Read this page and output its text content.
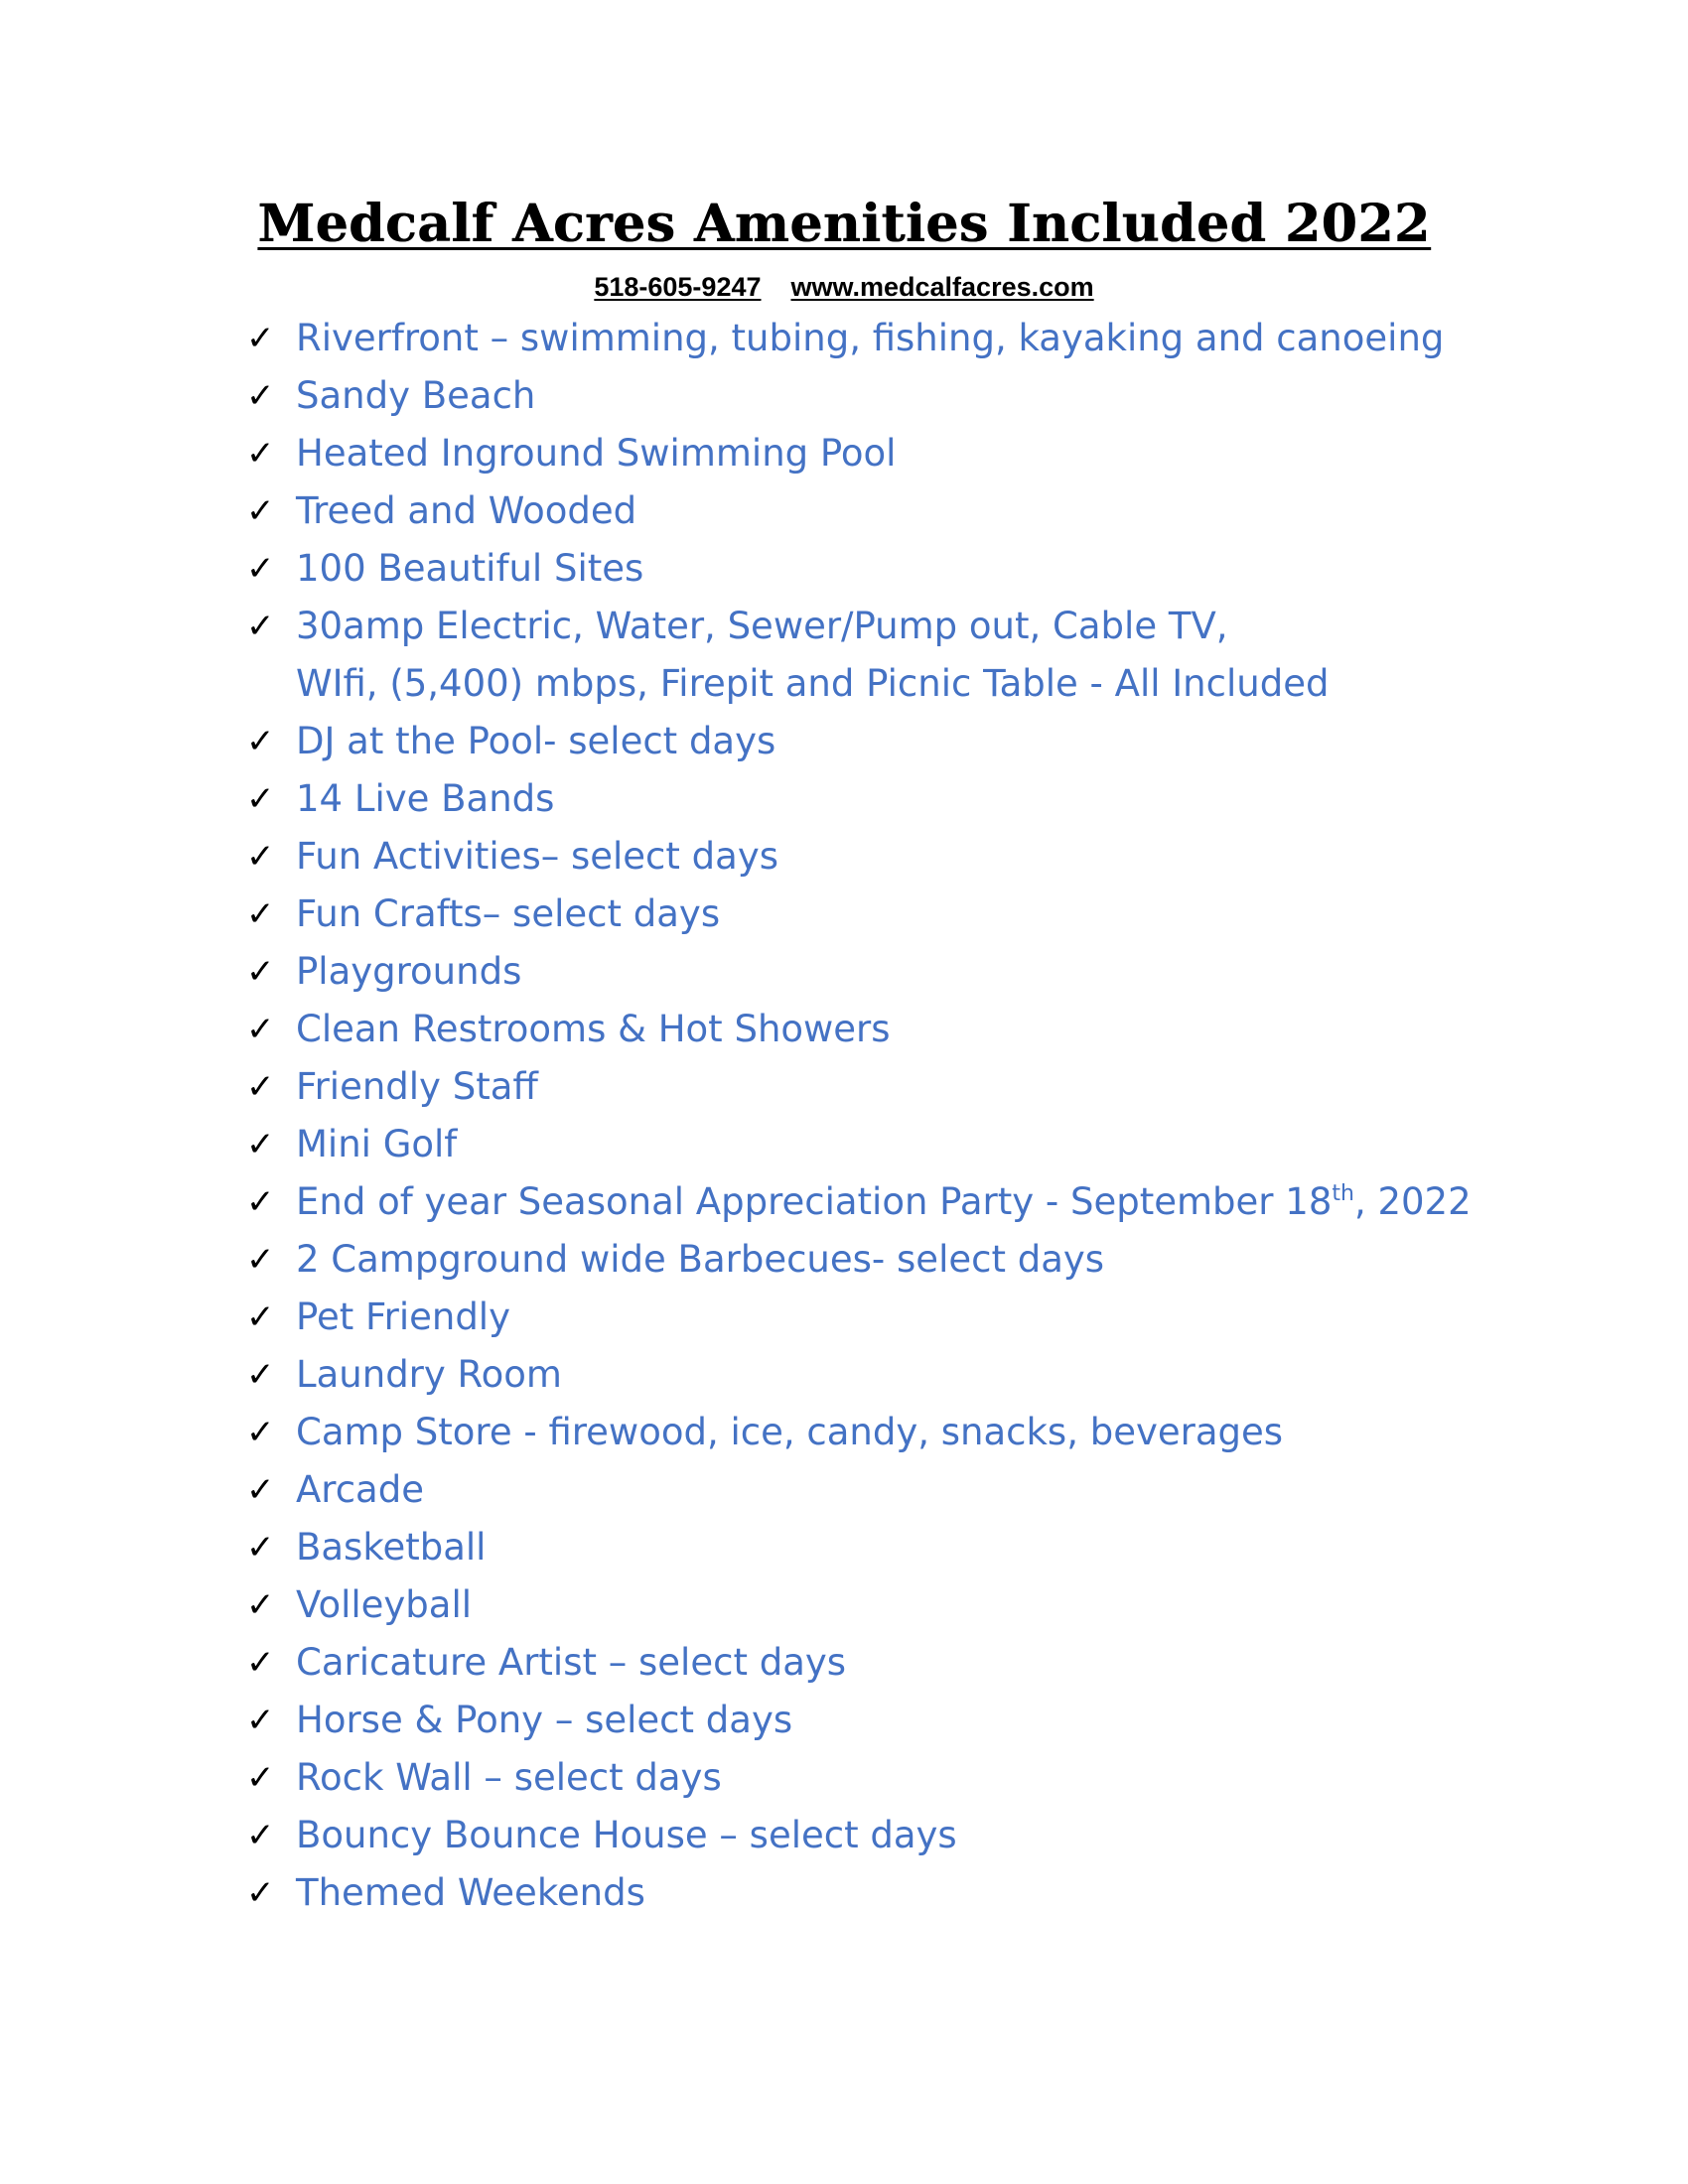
Medcalf Acres Amenities Included 2022
518-605-9247 www.medcalfacres.com
✓ Riverfront – swimming, tubing, fishing, kayaking and canoeing
✓ Sandy Beach
✓ Heated Inground Swimming Pool
✓ Treed and Wooded
✓ 100 Beautiful Sites
✓ 30amp Electric, Water, Sewer/Pump out, Cable TV,
WIfi, (5,400) mbps, Firepit and Picnic Table - All Included
✓ DJ at the Pool- select days
✓ 14 Live Bands
✓ Fun Activities– select days
✓ Fun Crafts– select days
✓ Playgrounds
✓ Clean Restrooms & Hot Showers
✓ Friendly Staff
✓ Mini Golf
✓ End of year Seasonal Appreciation Party - September 18th, 2022
✓ 2 Campground wide Barbecues- select days
✓ Pet Friendly
✓ Laundry Room
✓ Camp Store - firewood, ice, candy, snacks, beverages
✓ Arcade
✓ Basketball
✓ Volleyball
✓ Caricature Artist – select days
✓ Horse & Pony – select days
✓ Rock Wall – select days
✓ Bouncy Bounce House – select days
✓ Themed Weekends
